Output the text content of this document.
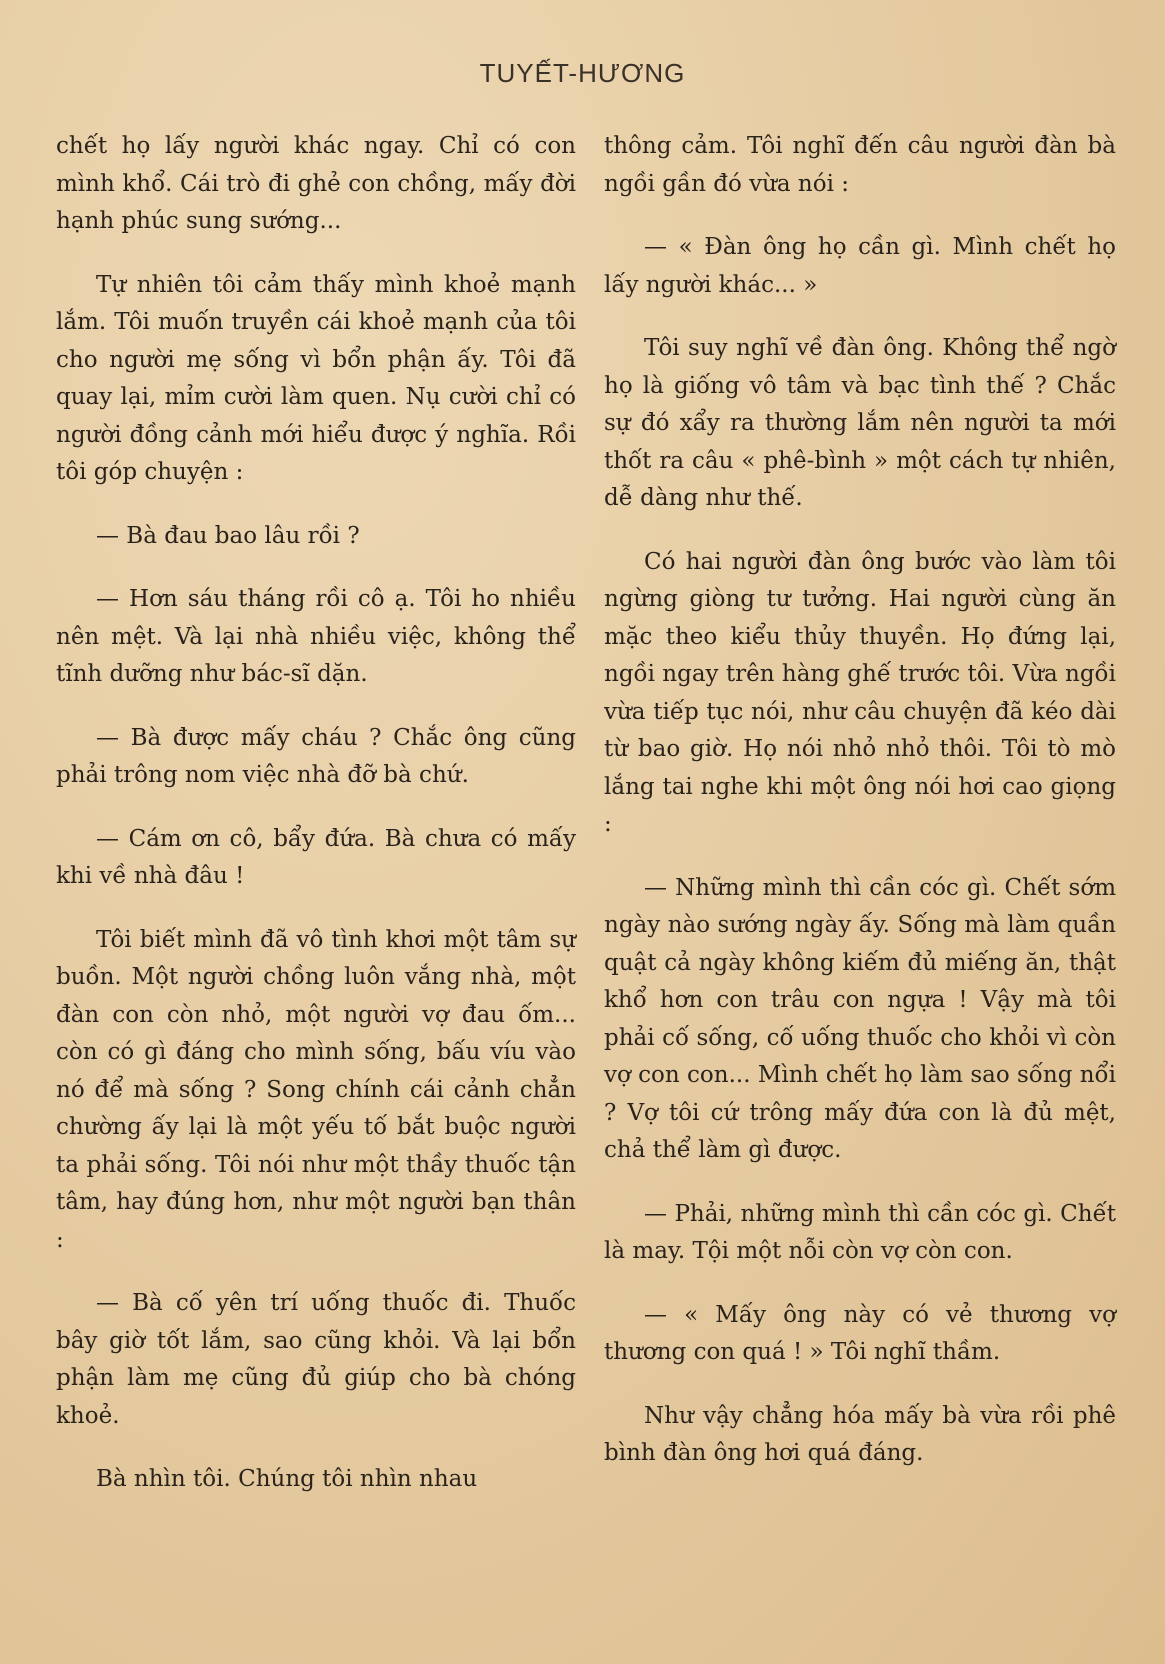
TUYẾT-HƯƠNG

chết họ lấy người khác ngay. Chỉ có con mình khổ. Cái trò đi ghẻ con chồng, mấy đời hạnh phúc sung sướng...

Tự nhiên tôi cảm thấy mình khoẻ mạnh lắm. Tôi muốn truyền cái khoẻ mạnh của tôi cho người mẹ sống vì bổn phận ấy. Tôi đã quay lại, mỉm cười làm quen. Nụ cười chỉ có người đồng cảnh mới hiểu được ý nghĩa. Rồi tôi góp chuyện :

— Bà đau bao lâu rồi ?

— Hơn sáu tháng rồi cô ạ. Tôi ho nhiều nên mệt. Và lại nhà nhiều việc, không thể tĩnh dưỡng như bác-sĩ dặn.

— Bà được mấy cháu ? Chắc ông cũng phải trông nom việc nhà đỡ bà chứ.

— Cám ơn cô, bẩy đứa. Bà chưa có mấy khi về nhà đâu !

Tôi biết mình đã vô tình khơi một tâm sự buồn. Một người chồng luôn vắng nhà, một đàn con còn nhỏ, một người vợ đau ốm... còn có gì đáng cho mình sống, bấu víu vào nó để mà sống ? Song chính cái cảnh chẳn chường ấy lại là một yếu tố bắt buộc người ta phải sống. Tôi nói như một thầy thuốc tận tâm, hay đúng hơn, như một người bạn thân :

— Bà cố yên trí uống thuốc đi. Thuốc bây giờ tốt lắm, sao cũng khỏi. Và lại bổn phận làm mẹ cũng đủ giúp cho bà chóng khoẻ.

Bà nhìn tôi. Chúng tôi nhìn nhau

thông cảm. Tôi nghĩ đến câu người đàn bà ngồi gần đó vừa nói :

— « Đàn ông họ cần gì. Mình chết họ lấy người khác... »

Tôi suy nghĩ về đàn ông. Không thể ngờ họ là giống vô tâm và bạc tình thế ? Chắc sự đó xẩy ra thường lắm nên người ta mới thốt ra câu « phê-bình » một cách tự nhiên, dễ dàng như thế.

Có hai người đàn ông bước vào làm tôi ngừng giòng tư tưởng. Hai người cùng ăn mặc theo kiểu thủy thuyền. Họ đứng lại, ngồi ngay trên hàng ghế trước tôi. Vừa ngồi vừa tiếp tục nói, như câu chuyện đã kéo dài từ bao giờ. Họ nói nhỏ nhỏ thôi. Tôi tò mò lắng tai nghe khi một ông nói hơi cao giọng :

— Những mình thì cần cóc gì. Chết sớm ngày nào sướng ngày ấy. Sống mà làm quần quật cả ngày không kiếm đủ miếng ăn, thật khổ hơn con trâu con ngựa ! Vậy mà tôi phải cố sống, cố uống thuốc cho khỏi vì còn vợ con con... Mình chết họ làm sao sống nổi ? Vợ tôi cứ trông mấy đứa con là đủ mệt, chả thể làm gì được.

— Phải, những mình thì cần cóc gì. Chết là may. Tội một nỗi còn vợ còn con.

— « Mấy ông này có vẻ thương vợ thương con quá ! » Tôi nghĩ thầm.

Như vậy chẳng hóa mấy bà vừa rồi phê bình đàn ông hơi quá đáng.
